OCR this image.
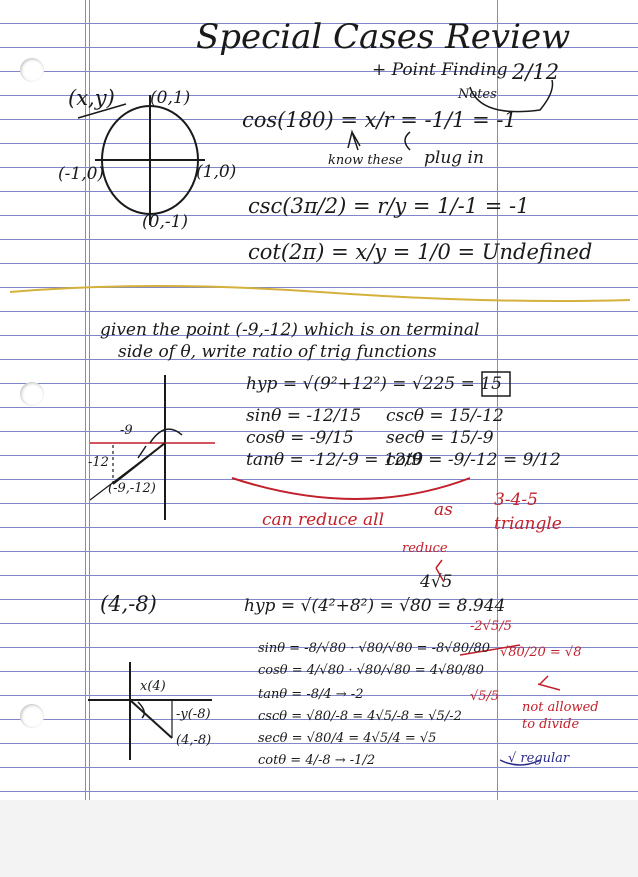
Special Cases Review
+ Point Finding
Notes
2/12
(x,y) (0,1)
(-1,0)	(1,0)
(0,-1)
cos(180) = x/r = -1/1 = -1
know these plug in
csc(3π/2) = r/y = 1/-1 = -1
cot(2π) = x/y = 1/0 = Undefined
given the point (-9,-12) which is on terminal
side of θ, write ratio of trig functions
hyp = √(9²+12²) = √225 = 15
sinθ = -12/15 cscθ = 15/-12
cosθ = -9/15 secθ = 15/-9
tanθ = -12/-9 = 12/9
cotθ = -9/-12 = 9/12
-9
-12
(-9,-12)
can reduce all	as 3-4-5
triangle
(4,-8)
reduce
4√5
hyp = √(4²+8²) = √80 = 8.944
sinθ = -8/√80 · √80/√80 = -8√80/80
cosθ = 4/√80 · √80/√80 = 4√80/80
tanθ = -8/4 → -2
cscθ = √80/-8 = 4√5/-8 = √5/-2
secθ = √80/4 = 4√5/4 = √5
cotθ = 4/-8 → -1/2
-2√5/5
√80/20 = √8
√5/5
not allowed to divide
√ regular
x(4)
-y(-8)
(4,-8)
